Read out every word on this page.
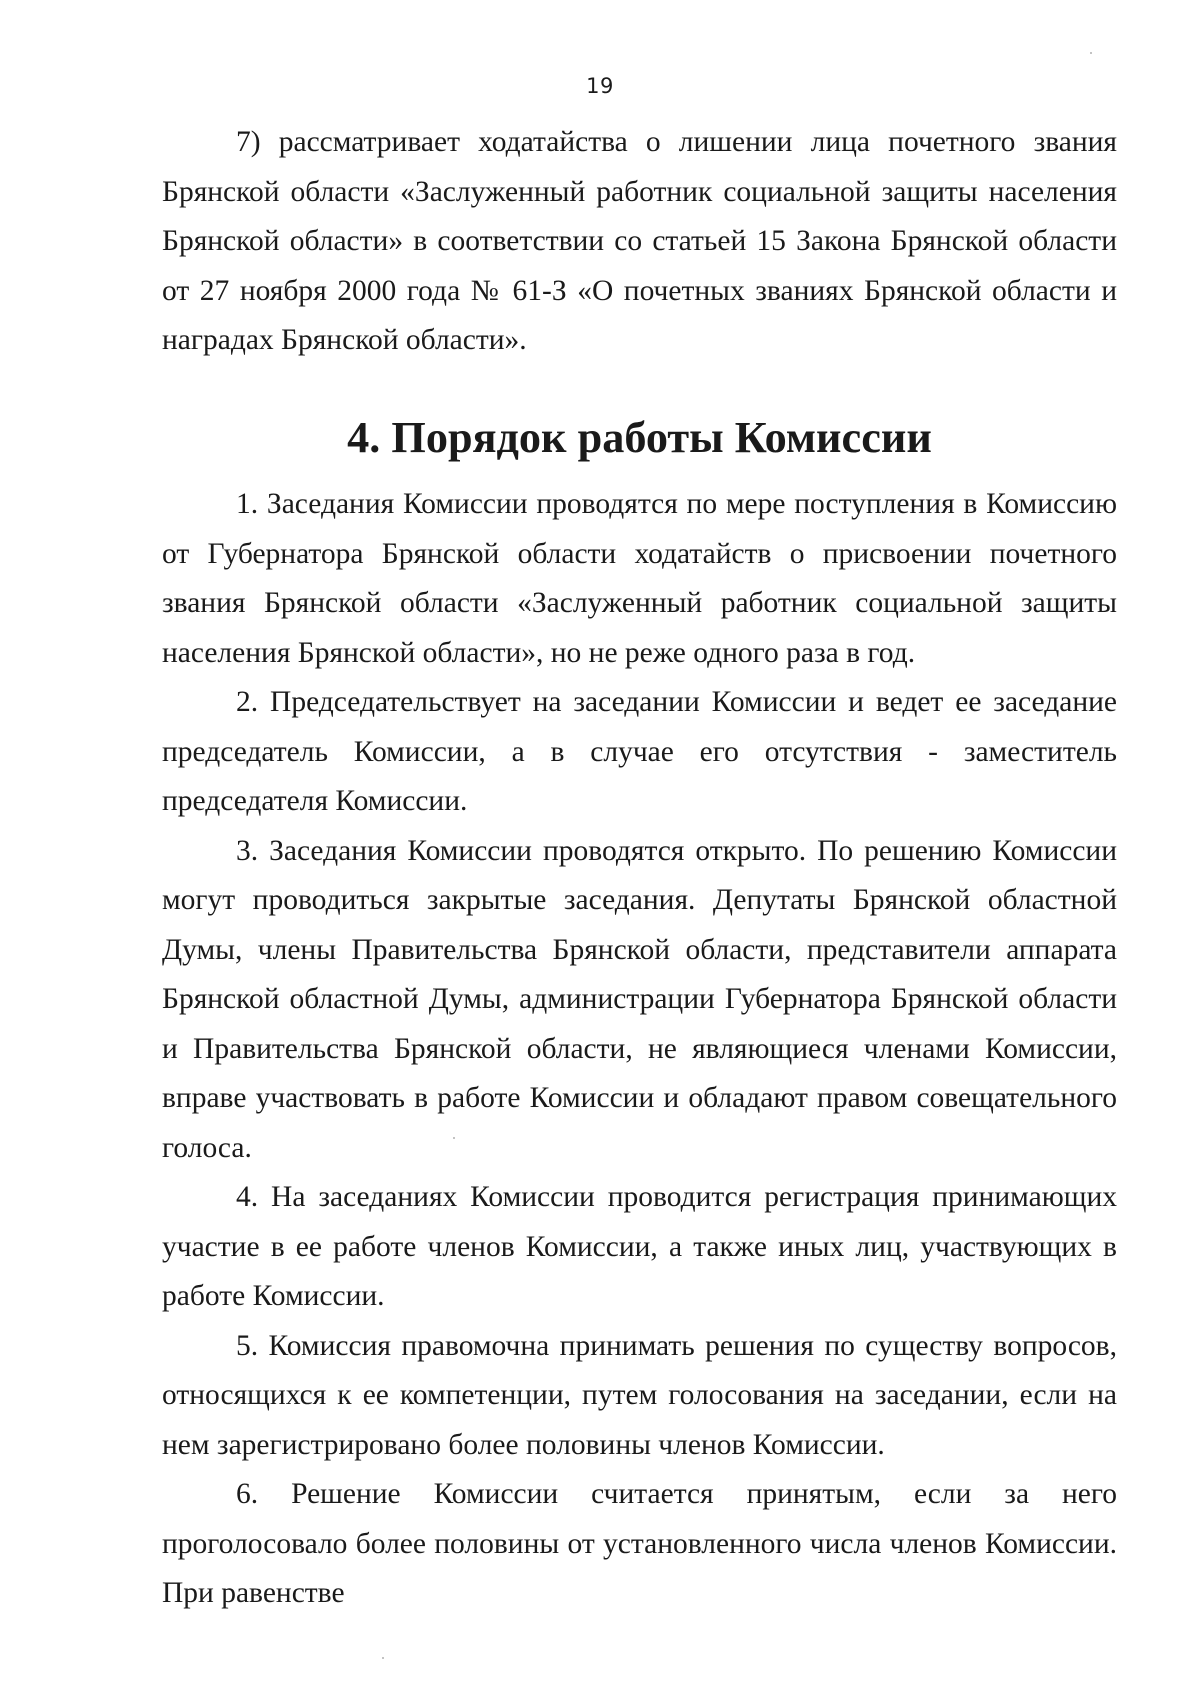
19

7) рассматривает ходатайства о лишении лица почетного звания Брянской области «Заслуженный работник социальной защиты населения Брянской области» в соответствии со статьей 15 Закона Брянской области от 27 ноября 2000 года № 61-З «О почетных званиях Брянской области и наградах Брянской области».

4. Порядок работы Комиссии

1. Заседания Комиссии проводятся по мере поступления в Комиссию от Губернатора Брянской области ходатайств о присвоении почетного звания Брянской области «Заслуженный работник социальной защиты населения Брянской области», но не реже одного раза в год.

2. Председательствует на заседании Комиссии и ведет ее заседание председатель Комиссии, а в случае его отсутствия - заместитель председателя Комиссии.

3. Заседания Комиссии проводятся открыто. По решению Комиссии могут проводиться закрытые заседания. Депутаты Брянской областной Думы, члены Правительства Брянской области, представители аппарата Брянской областной Думы, администрации Губернатора Брянской области и Правительства Брянской области, не являющиеся членами Комиссии, вправе участвовать в работе Комиссии и обладают правом совещательного голоса.

4. На заседаниях Комиссии проводится регистрация принимающих участие в ее работе членов Комиссии, а также иных лиц, участвующих в работе Комиссии.

5. Комиссия правомочна принимать решения по существу вопросов, относящихся к ее компетенции, путем голосования на заседании, если на нем зарегистрировано более половины членов Комиссии.

6. Решение Комиссии считается принятым, если за него проголосовало более половины от установленного числа членов Комиссии. При равенстве
